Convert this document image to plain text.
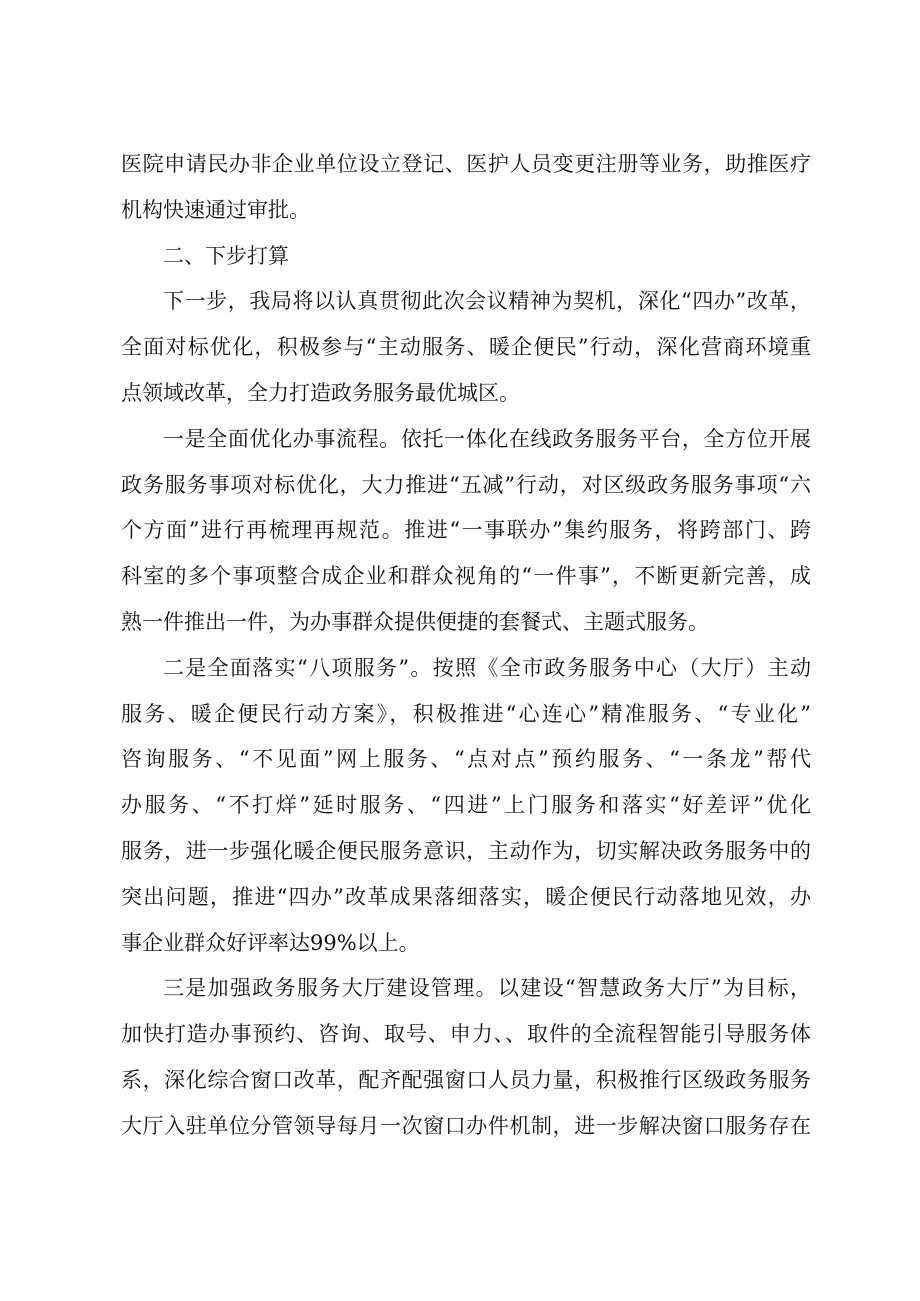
医院申请民办非企业单位设立登记、医护人员变更注册等业务，助推医疗
机构快速通过审批。
二、下步打算
下一步，我局将以认真贯彻此次会议精神为契机，深化“四办”改革，
全面对标优化，积极参与“主动服务、暖企便民”行动，深化营商环境重
点领域改革，全力打造政务服务最优城区。
一是全面优化办事流程。依托一体化在线政务服务平台，全方位开展
政务服务事项对标优化，大力推进“五减”行动，对区级政务服务事项“六
个方面”进行再梳理再规范。推进“一事联办”集约服务，将跨部门、跨
科室的多个事项整合成企业和群众视角的“一件事”，不断更新完善，成
熟一件推出一件，为办事群众提供便捷的套餐式、主题式服务。
二是全面落实“八项服务”。按照《全市政务服务中心（大厅）主动
服务、暖企便民行动方案》，积极推进“心连心”精准服务、“专业化”
咨询服务、“不见面”网上服务、“点对点”预约服务、“一条龙”帮代
办服务、“不打烊”延时服务、“四进”上门服务和落实“好差评”优化
服务，进一步强化暖企便民服务意识，主动作为，切实解决政务服务中的
突出问题，推进“四办”改革成果落细落实，暖企便民行动落地见效，办
事企业群众好评率达99%以上。
三是加强政务服务大厅建设管理。以建设“智慧政务大厅”为目标，
加快打造办事预约、咨询、取号、申力、、取件的全流程智能引导服务体
系，深化综合窗口改革，配齐配强窗口人员力量，积极推行区级政务服务
大厅入驻单位分管领导每月一次窗口办件机制，进一步解决窗口服务存在
